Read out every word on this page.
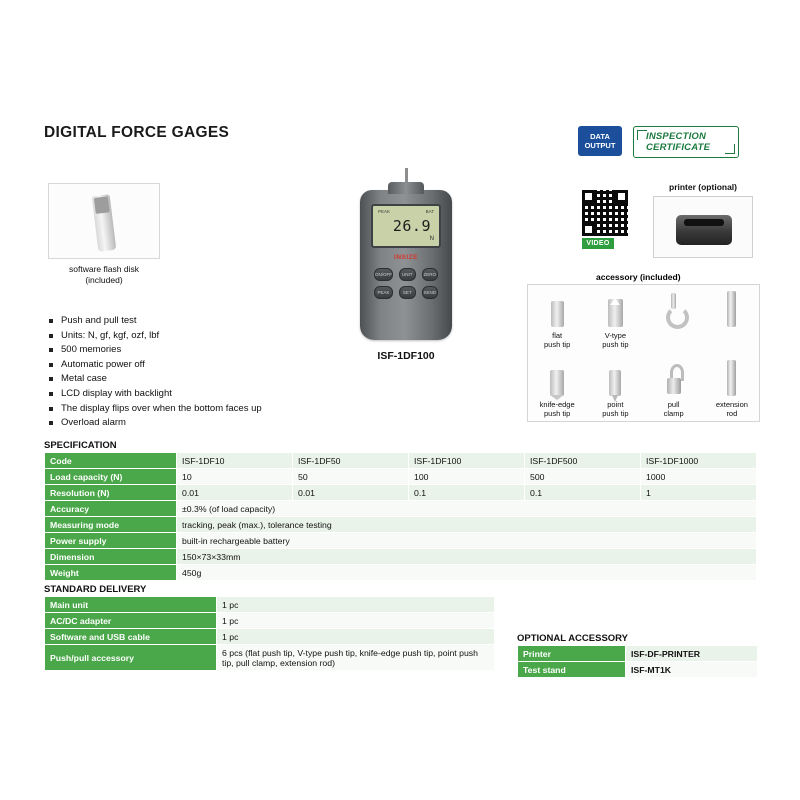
DIGITAL FORCE GAGES	DATA
OUTPUT
INSPECTION
CERTIFICATE
VIDEO
printer (optional)
software flash disk
(included)
PEAK	BAT
26.9
N
INSIZE
ON/OFF	UNIT	ZERO
PEAK	SET	SEND
ISF-1DF100
accessory (included)
flat
push tip
V-type
push tip
knife-edge
push tip
point
push tip
pull
clamp
extension
rod
Push and pull test
Units: N, gf, kgf, ozf, lbf
500 memories
Automatic power off
Metal case
LCD display with backlight
The display flips over when the bottom faces up
Overload alarm
SPECIFICATION
Code	ISF-1DF10	ISF-1DF50	ISF-1DF100	ISF-1DF500	ISF-1DF1000
Load capacity (N)	10	50	100	500	1000
Resolution (N)	0.01	0.01	0.1	0.1	1
Accuracy	±0.3% (of load capacity)				
Measuring mode	tracking, peak (max.), tolerance testing				
Power supply	built-in rechargeable battery				
Dimension	150×73×33mm				
Weight	450g				
STANDARD DELIVERY
Main unit	1 pc
AC/DC adapter	1 pc
Software and USB cable	1 pc
Push/pull accessory	6 pcs (flat push tip, V-type push tip, knife-edge push tip, point push tip, pull clamp, extension rod)
OPTIONAL ACCESSORY
Printer	ISF-DF-PRINTER
Test stand	ISF-MT1K
